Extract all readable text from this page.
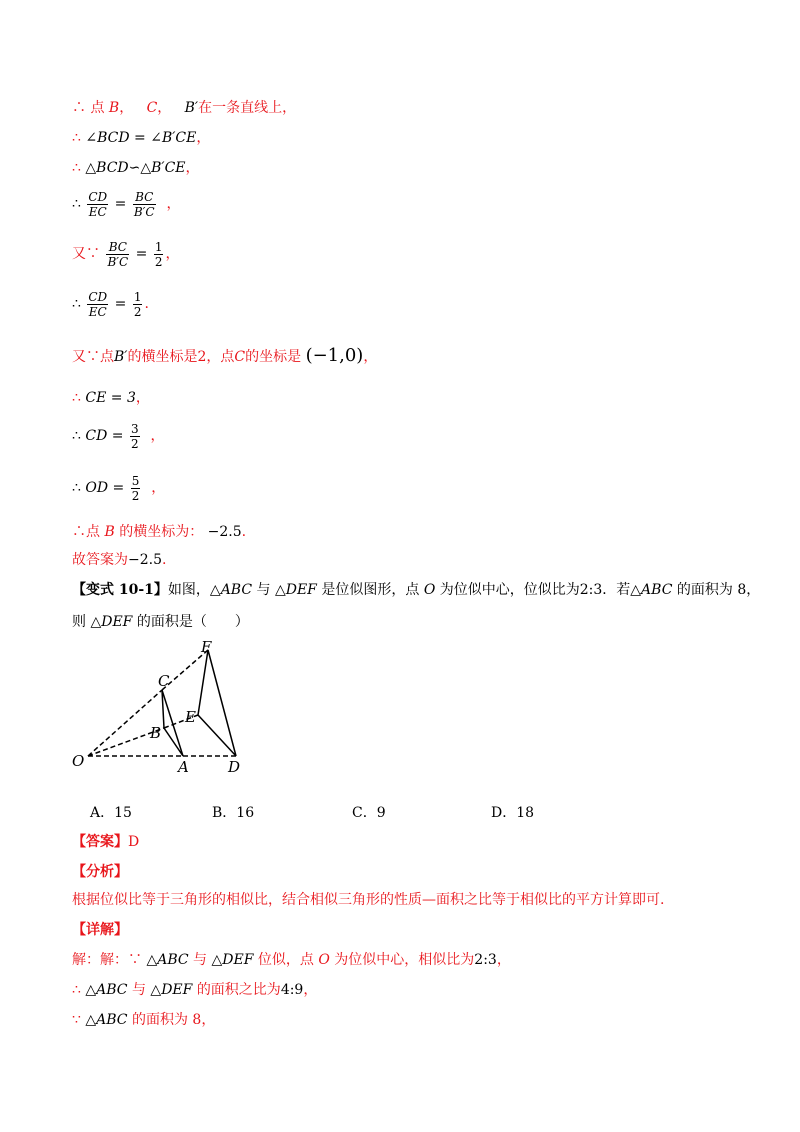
∴ 点 B， C， B′在一条直线上，
∴ ∠BCD = ∠B′CE，
∴ △BCD∽△B′CE，
∴ $\frac{CD}{EC} = \frac{BC}{B'C}$ ，
又∵ $\frac{BC}{B'C} = \frac{1}{2}$ ，
∴ $\frac{CD}{EC} = \frac{1}{2}$ .
又∵点B′的横坐标是2，点C的坐标是 (−1,0)，
∴ CE = 3，
∴ CD = $\frac{3}{2}$ ，
∴ OD = $\frac{5}{2}$ ，
∴点 B 的横坐标为： −2.5.
故答案为−2.5.
【变式 10-1】如图，△ABC 与 △DEF 是位似图形，点 O 为位似中心，位似比为2:3．若△ABC 的面积为 8，
则 △DEF 的面积是（　　）
O	A
B
C
D
E
F
A．15	B．16	C．9	D．18
【答案】D
【分析】
根据位似比等于三角形的相似比，结合相似三角形的性质—面积之比等于相似比的平方计算即可.
【详解】
解：解：∵ △ABC 与 △DEF 位似，点 O 为位似中心，相似比为2:3，
∴ △ABC 与 △DEF 的面积之比为4:9，
∵ △ABC 的面积为 8，
